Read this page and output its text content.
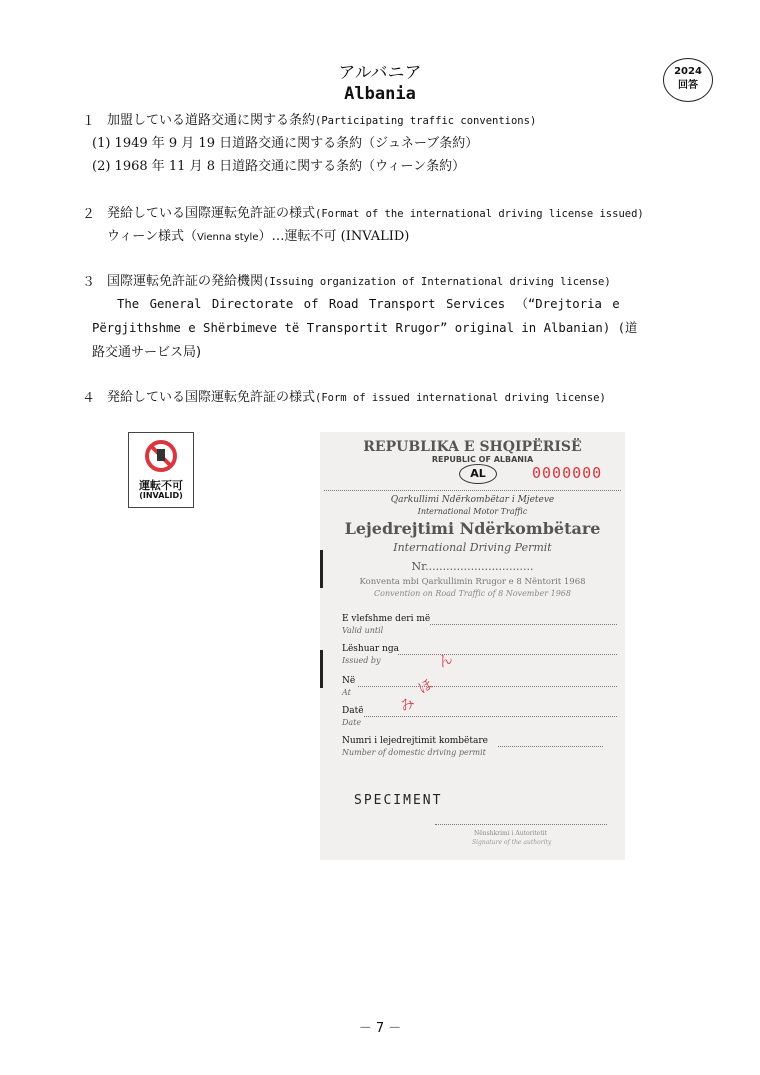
アルバニア
Albania
2024
回答
１ 加盟している道路交通に関する条約(Participating traffic conventions)
(1) 1949 年 9 月 19 日道路交通に関する条約（ジュネーブ条約）
(2) 1968 年 11 月 8 日道路交通に関する条約（ウィーン条約）
２ 発給している国際運転免許証の様式(Format of the international driving license issued)
ウィーン様式（Vienna style）…運転不可 (INVALID)
３ 国際運転免許証の発給機関(Issuing organization of International driving license)
The General Directorate of Road Transport Services （“Drejtoria e
Përgjithshme e Shërbimeve të Transportit Rrugor” original in Albanian) (道
路交通サービス局)
４ 発給している国際運転免許証の様式(Form of issued international driving license)
運転不可
(INVALID)
REPUBLIKA E SHQIPËRISË
REPUBLIC OF ALBANIA
AL	0000000
Qarkullimi Ndërkombëtar i Mjeteve
International Motor Traffic
Lejedrejtimi Ndërkombëtare
International Driving Permit
Nr...............................
Konventa mbi Qarkullimin Rrugor e 8 Nëntorit 1968
Convention on Road Traffic of 8 November 1968
E vlefshme deri më
Valid until
Lëshuar nga
Issued by
Në
At
Datë
Date
Numri i lejedrejtimit kombëtare
Number of domestic driving permit
ん
ほ
み
SPECIMENT
Nënshkrimi i Autoritetit
Signature of the authority
－ 7 －
